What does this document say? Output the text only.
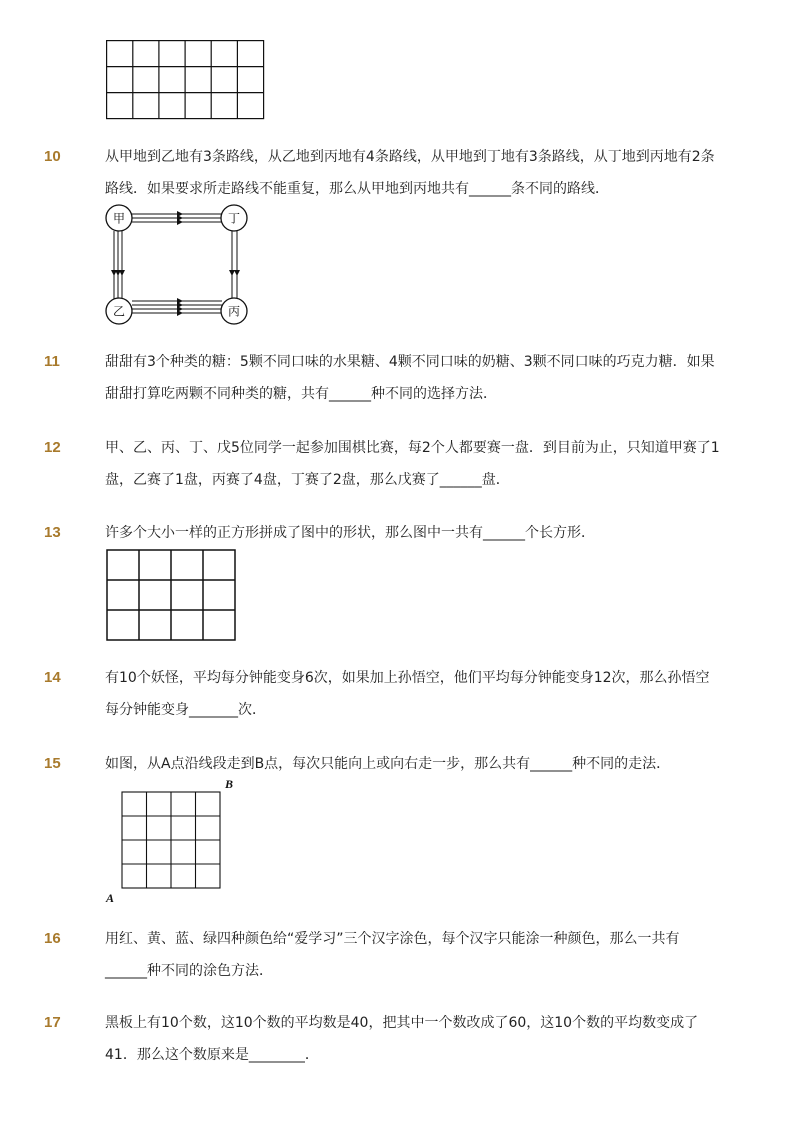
10	从甲地到乙地有3条路线，从乙地到丙地有4条路线，从甲地到丁地有3条路线，从丁地到丙地有2条路线．如果要求所走路线不能重复，那么从甲地到丙地共有______条不同的路线．
甲	丁
乙	丙
11	甜甜有3个种类的糖：5颗不同口味的水果糖、4颗不同口味的奶糖、3颗不同口味的巧克力糖．如果甜甜打算吃两颗不同种类的糖，共有______种不同的选择方法．
12	甲、乙、丙、丁、戊5位同学一起参加围棋比赛，每2个人都要赛一盘．到目前为止，只知道甲赛了1盘，乙赛了1盘，丙赛了4盘，丁赛了2盘，那么戊赛了______盘．
13	许多个大小一样的正方形拼成了图中的形状，那么图中一共有______个长方形．
14	有10个妖怪，平均每分钟能变身6次，如果加上孙悟空，他们平均每分钟能变身12次，那么孙悟空每分钟能变身_______次．
15	如图，从A点沿线段走到B点，每次只能向上或向右走一步，那么共有______种不同的走法．
B
A
16	用红、黄、蓝、绿四种颜色给“爱学习”三个汉字涂色，每个汉字只能涂一种颜色，那么一共有______种不同的涂色方法．
17	黑板上有10个数，这10个数的平均数是40，把其中一个数改成了60，这10个数的平均数变成了41．那么这个数原来是________．
